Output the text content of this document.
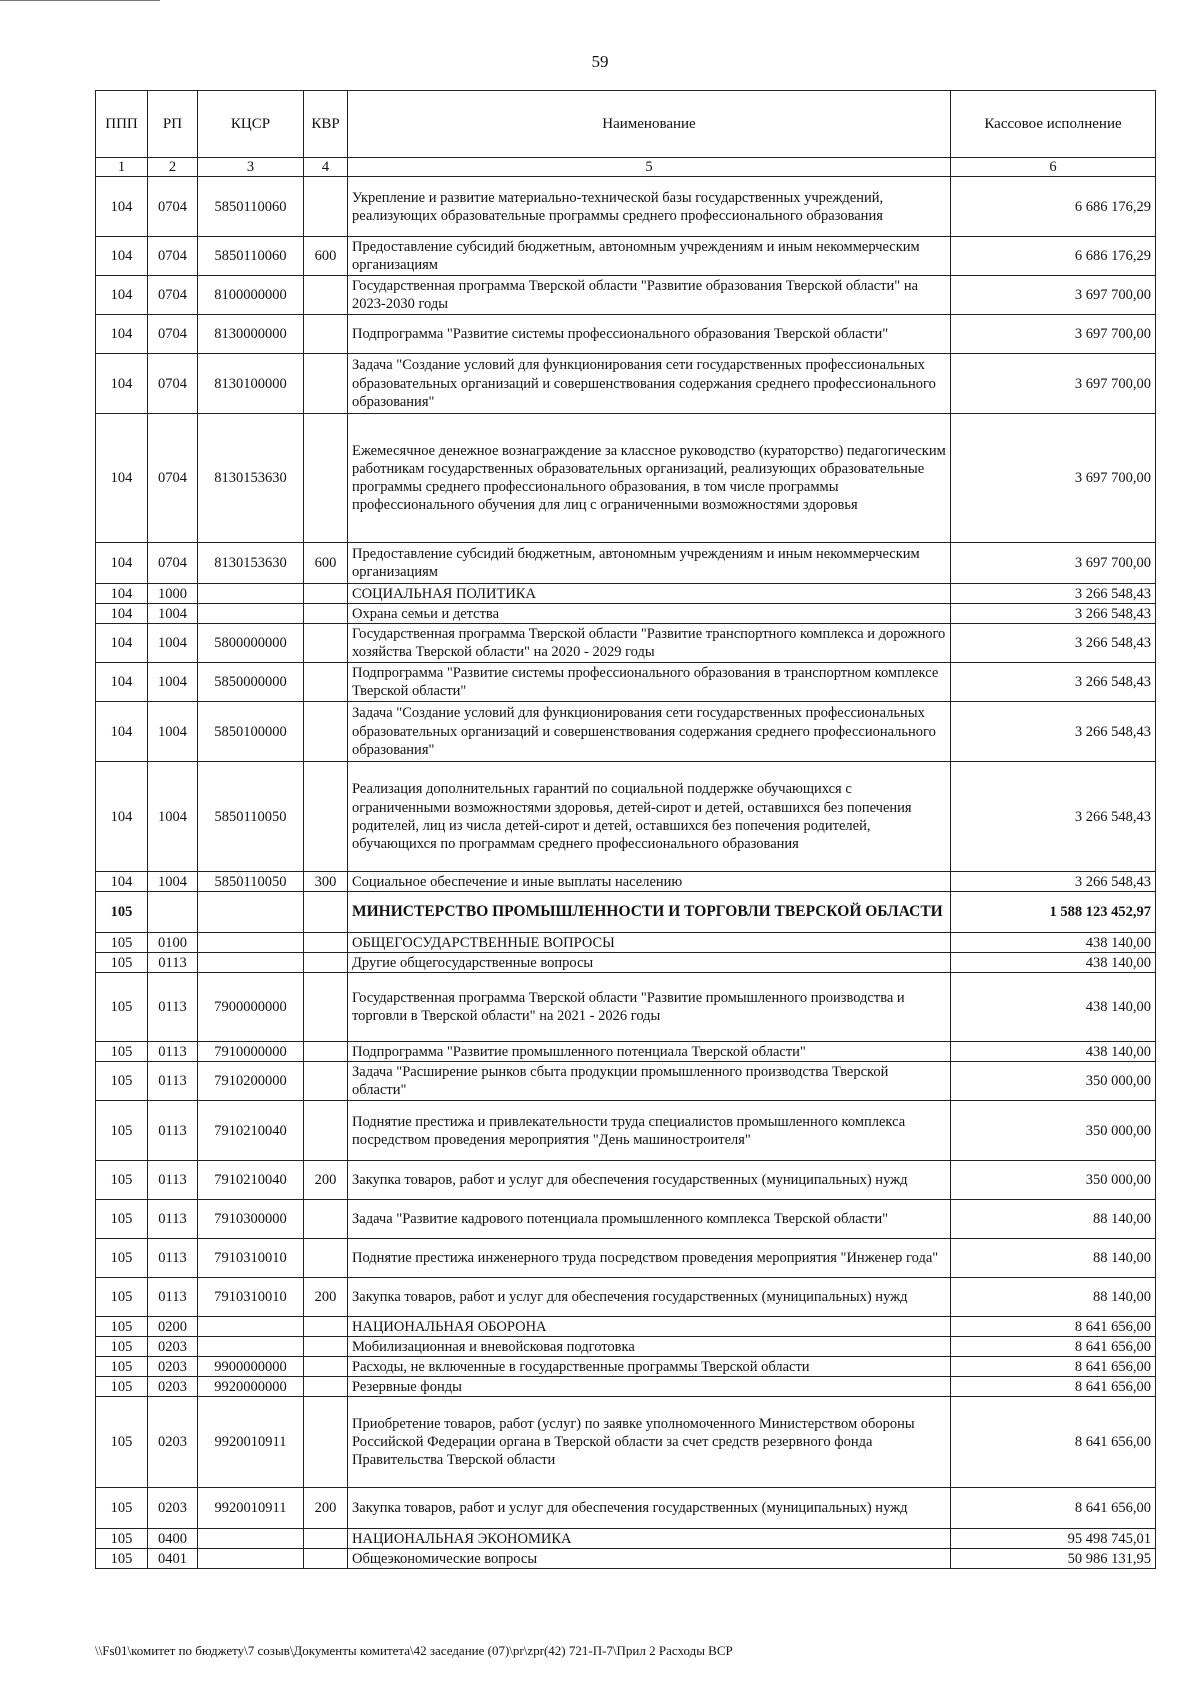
59
ППП	РП	КЦСР	КВР	Наименование	Кассовое исполнение
1	2	3	4	5	6
104	0704	5850110060		Укрепление и развитие материально-технической базы государственных учреждений, реализующих образовательные программы среднего профессионального образования	6 686 176,29
104	0704	5850110060	600	Предоставление субсидий бюджетным, автономным учреждениям и иным некоммерческим организациям	6 686 176,29
104	0704	8100000000		Государственная программа Тверской области "Развитие образования Тверской области" на 2023-2030 годы	3 697 700,00
104	0704	8130000000		Подпрограмма "Развитие системы профессионального образования Тверской области"	3 697 700,00
104	0704	8130100000		Задача "Создание условий для функционирования сети государственных профессиональных образовательных организаций и совершенствования содержания среднего профессионального образования"	3 697 700,00
104	0704	8130153630		Ежемесячное денежное вознаграждение за классное руководство (кураторство) педагогическим работникам государственных образовательных организаций, реализующих образовательные программы среднего профессионального образования, в том числе программы профессионального обучения для лиц с ограниченными возможностями здоровья	3 697 700,00
104	0704	8130153630	600	Предоставление субсидий бюджетным, автономным учреждениям и иным некоммерческим организациям	3 697 700,00
104	1000			СОЦИАЛЬНАЯ ПОЛИТИКА	3 266 548,43
104	1004			Охрана семьи и детства	3 266 548,43
104	1004	5800000000		Государственная программа Тверской области "Развитие транспортного комплекса и дорожного хозяйства Тверской области" на 2020 - 2029 годы	3 266 548,43
104	1004	5850000000		Подпрограмма "Развитие системы профессионального образования в транспортном комплексе Тверской области"	3 266 548,43
104	1004	5850100000		Задача "Создание условий для функционирования сети государственных профессиональных образовательных организаций и совершенствования содержания среднего профессионального образования"	3 266 548,43
104	1004	5850110050		Реализация дополнительных гарантий по социальной поддержке обучающихся с ограниченными возможностями здоровья, детей-сирот и детей, оставшихся без попечения родителей, лиц из числа детей-сирот и детей, оставшихся без попечения родителей, обучающихся по программам среднего профессионального образования	3 266 548,43
104	1004	5850110050	300	Социальное обеспечение и иные выплаты населению	3 266 548,43
105				МИНИСТЕРСТВО ПРОМЫШЛЕННОСТИ И ТОРГОВЛИ ТВЕРСКОЙ ОБЛАСТИ	1 588 123 452,97
105	0100			ОБЩЕГОСУДАРСТВЕННЫЕ ВОПРОСЫ	438 140,00
105	0113			Другие общегосударственные вопросы	438 140,00
105	0113	7900000000		Государственная программа Тверской области "Развитие промышленного производства и торговли в Тверской области" на 2021 - 2026 годы	438 140,00
105	0113	7910000000		Подпрограмма "Развитие промышленного потенциала Тверской области"	438 140,00
105	0113	7910200000		Задача "Расширение рынков сбыта продукции промышленного производства Тверской области"	350 000,00
105	0113	7910210040		Поднятие престижа и привлекательности труда специалистов промышленного комплекса посредством проведения мероприятия "День машиностроителя"	350 000,00
105	0113	7910210040	200	Закупка товаров, работ и услуг для обеспечения государственных (муниципальных) нужд	350 000,00
105	0113	7910300000		Задача "Развитие кадрового потенциала промышленного комплекса Тверской области"	88 140,00
105	0113	7910310010		Поднятие престижа инженерного труда посредством проведения мероприятия "Инженер года"	88 140,00
105	0113	7910310010	200	Закупка товаров, работ и услуг для обеспечения государственных (муниципальных) нужд	88 140,00
105	0200			НАЦИОНАЛЬНАЯ ОБОРОНА	8 641 656,00
105	0203			Мобилизационная и вневойсковая подготовка	8 641 656,00
105	0203	9900000000		Расходы, не включенные в государственные программы Тверской области	8 641 656,00
105	0203	9920000000		Резервные фонды	8 641 656,00
105	0203	9920010911		Приобретение товаров, работ (услуг) по заявке уполномоченного Министерством обороны Российской Федерации органа в Тверской области за счет средств резервного фонда Правительства Тверской области	8 641 656,00
105	0203	9920010911	200	Закупка товаров, работ и услуг для обеспечения государственных (муниципальных) нужд	8 641 656,00
105	0400			НАЦИОНАЛЬНАЯ ЭКОНОМИКА	95 498 745,01
105	0401			Общеэкономические вопросы	50 986 131,95
\\Fs01\комитет по бюджету\7 созыв\Документы комитета\42 заседание (07)\pr\zpr(42) 721-П-7\Прил 2 Расходы ВСР
